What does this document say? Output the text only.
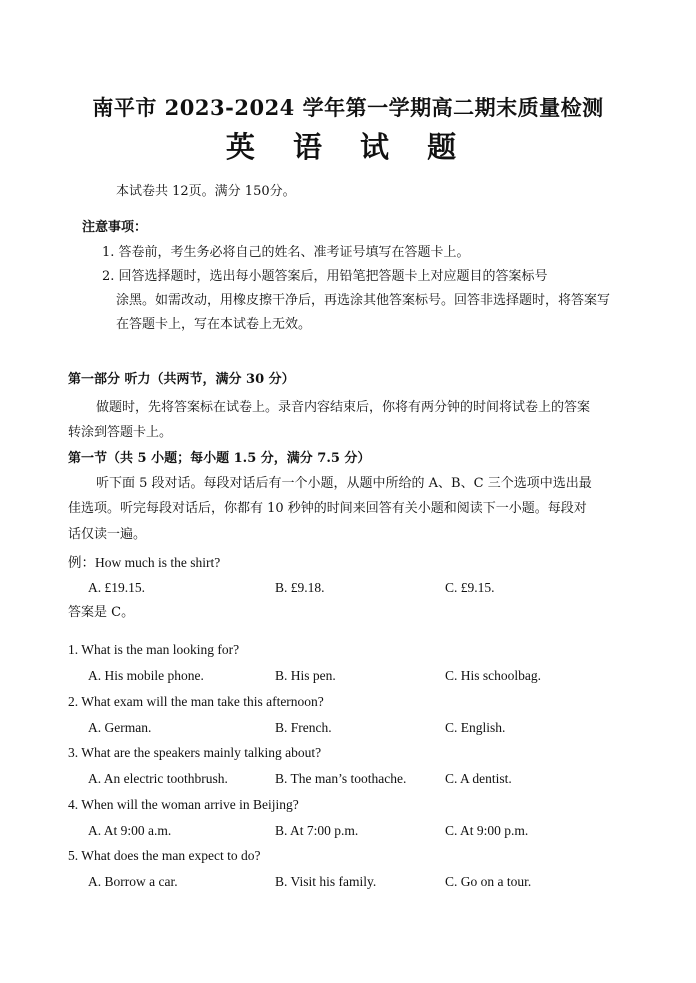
南平市 2023-2024 学年第一学期高二期末质量检测
英 语 试 题
本试卷共 12页。满分 150分。
注意事项：
1. 答卷前，考生务必将自己的姓名、准考证号填写在答题卡上。
2. 回答选择题时，选出每小题答案后，用铅笔把答题卡上对应题目的答案标号
涂黑。如需改动，用橡皮擦干净后，再选涂其他答案标号。回答非选择题时，将答案写
在答题卡上，写在本试卷上无效。
第一部分 听力（共两节，满分 30 分）
做题时，先将答案标在试卷上。录音内容结束后，你将有两分钟的时间将试卷上的答案
转涂到答题卡上。
第一节（共 5 小题；每小题 1.5 分，满分 7.5 分）
听下面 5 段对话。每段对话后有一个小题，从题中所给的 A、B、C 三个选项中选出最
佳选项。听完每段对话后，你都有 10 秒钟的时间来回答有关小题和阅读下一小题。每段对
话仅读一遍。
例：How much is the shirt?
A. £19.15.	B. £9.18.	C. £9.15.
答案是 C。
1. What is the man looking for?
A. His mobile phone.	B. His pen.	C. His schoolbag.
2. What exam will the man take this afternoon?
A. German.	B. French.	C. English.
3. What are the speakers mainly talking about?
A. An electric toothbrush.	B. The man’s toothache.	C. A dentist.
4. When will the woman arrive in Beijing?
A. At 9:00 a.m.	B. At 7:00 p.m.	C. At 9:00 p.m.
5. What does the man expect to do?
A. Borrow a car.	B. Visit his family.	C. Go on a tour.
